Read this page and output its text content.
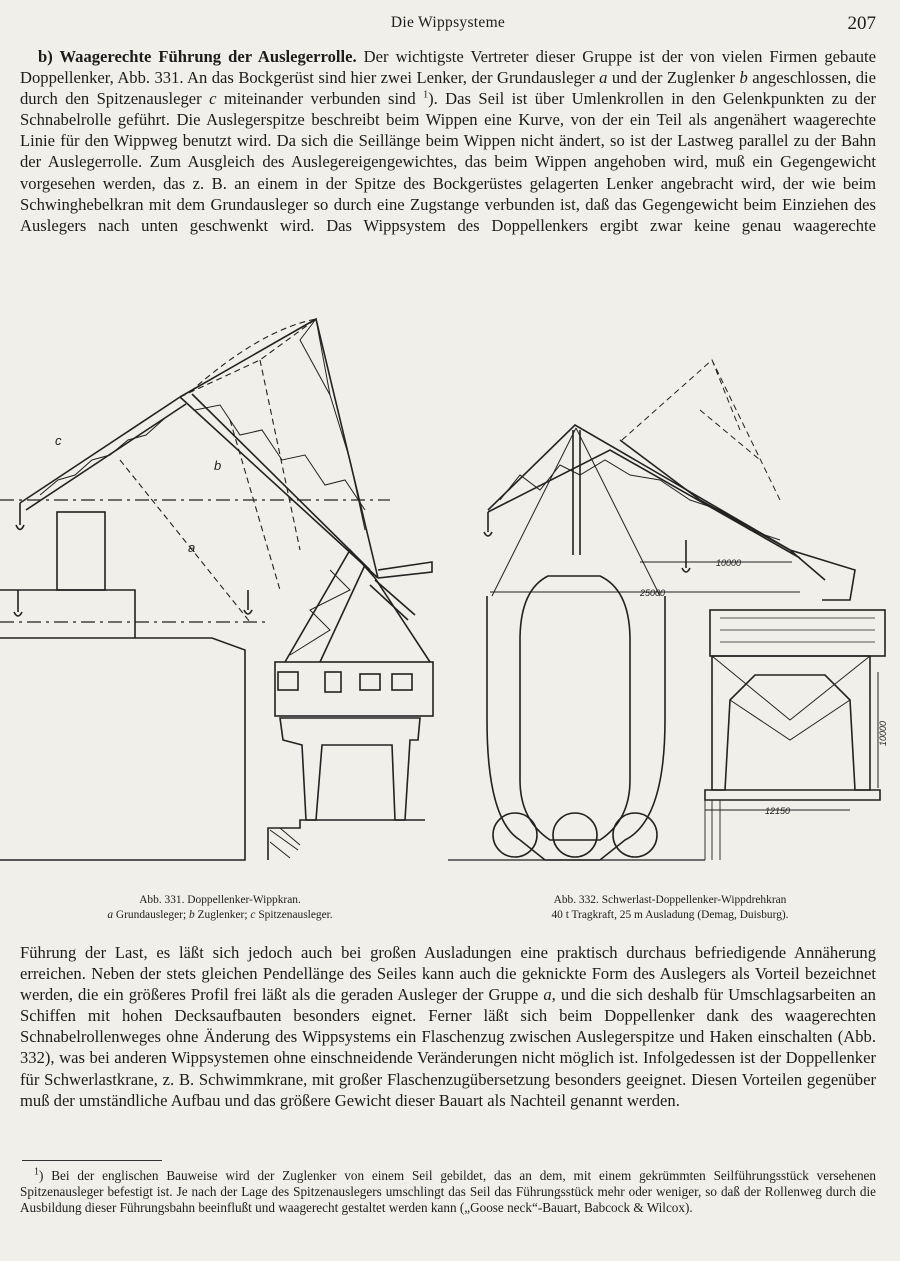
Die Wippsysteme	207

b) Waagerechte Führung der Auslegerrolle. Der wichtigste Vertreter dieser Gruppe ist der von vielen Firmen gebaute Doppellenker, Abb. 331. An das Bockgerüst sind hier zwei Lenker, der Grundausleger a und der Zuglenker b angeschlossen, die durch den Spitzenausleger c miteinander verbunden sind $^1$). Das Seil ist über Umlenkrollen in den Gelenkpunkten zu der Schnabelrolle geführt. Die Auslegerspitze beschreibt beim Wippen eine Kurve, von der ein Teil als angenähert waagerechte Linie für den Wippweg benutzt wird. Da sich die Seillänge beim Wippen nicht ändert, so ist der Lastweg parallel zu der Bahn der Auslegerrolle. Zum Ausgleich des Auslegereigengewichtes, das beim Wippen angehoben wird, muß ein Gegengewicht vorgesehen werden, das z. B. an einem in der Spitze des Bockgerüstes gelagerten Lenker angebracht wird, der wie beim Schwinghebelkran mit dem Grundausleger so durch eine Zugstange verbunden ist, daß das Gegengewicht beim Einziehen des Auslegers nach unten geschwenkt wird. Das Wippsystem des Doppellenkers ergibt zwar keine genau waagerechte

c
b
a
10000
25000
10000
12150
Abb. 331. Doppellenker-Wippkran.
a Grundausleger; b Zuglenker; c Spitzenausleger.
Abb. 332. Schwerlast-Doppellenker-Wippdrehkran
40 t Tragkraft, 25 m Ausladung (Demag, Duisburg).

Führung der Last, es läßt sich jedoch auch bei großen Ausladungen eine praktisch durchaus befriedigende Annäherung erreichen. Neben der stets gleichen Pendellänge des Seiles kann auch die geknickte Form des Auslegers als Vorteil bezeichnet werden, die ein größeres Profil frei läßt als die geraden Ausleger der Gruppe a, und die sich deshalb für Umschlagsarbeiten an Schiffen mit hohen Decksaufbauten besonders eignet. Ferner läßt sich beim Doppellenker dank des waagerechten Schnabelrollenweges ohne Änderung des Wippsystems ein Flaschenzug zwischen Auslegerspitze und Haken einschalten (Abb. 332), was bei anderen Wippsystemen ohne einschneidende Veränderungen nicht möglich ist. Infolgedessen ist der Doppellenker für Schwerlastkrane, z. B. Schwimmkrane, mit großer Flaschenzugübersetzung besonders geeignet. Diesen Vorteilen gegenüber muß der umständliche Aufbau und das größere Gewicht dieser Bauart als Nachteil genannt werden.

$^1$) Bei der englischen Bauweise wird der Zuglenker von einem Seil gebildet, das an dem, mit einem gekrümmten Seilführungsstück versehenen Spitzenausleger befestigt ist. Je nach der Lage des Spitzenauslegers umschlingt das Seil das Führungsstück mehr oder weniger, so daß der Rollenweg durch die Ausbildung dieser Führungsbahn beeinflußt und waagerecht gestaltet werden kann („Goose neck“-Bauart, Babcock & Wilcox).
